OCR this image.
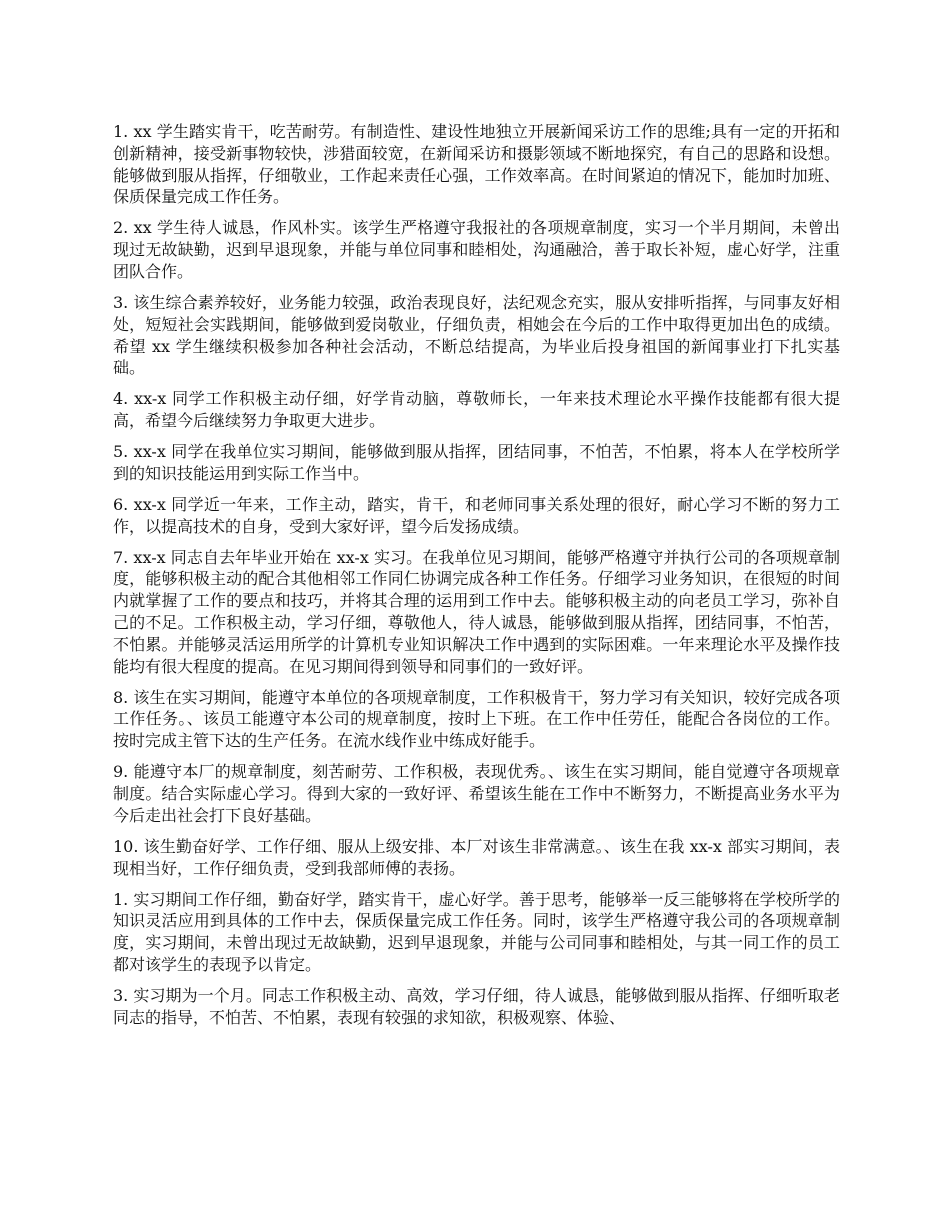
1. xx 学生踏实肯干，吃苦耐劳。有制造性、建设性地独立开展新闻采访工作的思维;具有一定的开拓和创新精神，接受新事物较快，涉猎面较宽，在新闻采访和摄影领域不断地探究，有自己的思路和设想。能够做到服从指挥，仔细敬业，工作起来责任心强，工作效率高。在时间紧迫的情况下，能加时加班、保质保量完成工作任务。

2. xx 学生待人诚恳，作风朴实。该学生严格遵守我报社的各项规章制度，实习一个半月期间，未曾出现过无故缺勤，迟到早退现象，并能与单位同事和睦相处，沟通融洽，善于取长补短，虚心好学，注重团队合作。

3. 该生综合素养较好，业务能力较强，政治表现良好，法纪观念充实，服从安排听指挥，与同事友好相处，短短社会实践期间，能够做到爱岗敬业，仔细负责，相她会在今后的工作中取得更加出色的成绩。希望 xx 学生继续积极参加各种社会活动，不断总结提高，为毕业后投身祖国的新闻事业打下扎实基础。

4. xx-x 同学工作积极主动仔细，好学肯动脑，尊敬师长，一年来技术理论水平操作技能都有很大提高，希望今后继续努力争取更大进步。

5. xx-x 同学在我单位实习期间，能够做到服从指挥，团结同事，不怕苦，不怕累，将本人在学校所学到的知识技能运用到实际工作当中。

6. xx-x 同学近一年来，工作主动，踏实，肯干，和老师同事关系处理的很好，耐心学习不断的努力工作，以提高技术的自身，受到大家好评，望今后发扬成绩。

7. xx-x 同志自去年毕业开始在 xx-x 实习。在我单位见习期间，能够严格遵守并执行公司的各项规章制度，能够积极主动的配合其他相邻工作同仁协调完成各种工作任务。仔细学习业务知识，在很短的时间内就掌握了工作的要点和技巧，并将其合理的运用到工作中去。能够积极主动的向老员工学习，弥补自己的不足。工作积极主动，学习仔细，尊敬他人，待人诚恳，能够做到服从指挥，团结同事，不怕苦，不怕累。并能够灵活运用所学的计算机专业知识解决工作中遇到的实际困难。一年来理论水平及操作技能均有很大程度的提高。在见习期间得到领导和同事们的一致好评。

8. 该生在实习期间，能遵守本单位的各项规章制度，工作积极肯干，努力学习有关知识，较好完成各项工作任务。、该员工能遵守本公司的规章制度，按时上下班。在工作中任劳任，能配合各岗位的工作。按时完成主管下达的生产任务。在流水线作业中练成好能手。

9. 能遵守本厂的规章制度，刻苦耐劳、工作积极，表现优秀。、该生在实习期间，能自觉遵守各项规章制度。结合实际虚心学习。得到大家的一致好评、希望该生能在工作中不断努力，不断提高业务水平为今后走出社会打下良好基础。

10. 该生勤奋好学、工作仔细、服从上级安排、本厂对该生非常满意。、该生在我 xx-x 部实习期间，表现相当好，工作仔细负责，受到我部师傅的表扬。

1. 实习期间工作仔细，勤奋好学，踏实肯干，虚心好学。善于思考，能够举一反三能够将在学校所学的知识灵活应用到具体的工作中去，保质保量完成工作任务。同时，该学生严格遵守我公司的各项规章制度，实习期间，未曾出现过无故缺勤，迟到早退现象，并能与公司同事和睦相处，与其一同工作的员工都对该学生的表现予以肯定。

3. 实习期为一个月。同志工作积极主动、高效，学习仔细，待人诚恳，能够做到服从指挥、仔细听取老同志的指导，不怕苦、不怕累，表现有较强的求知欲，积极观察、体验、
